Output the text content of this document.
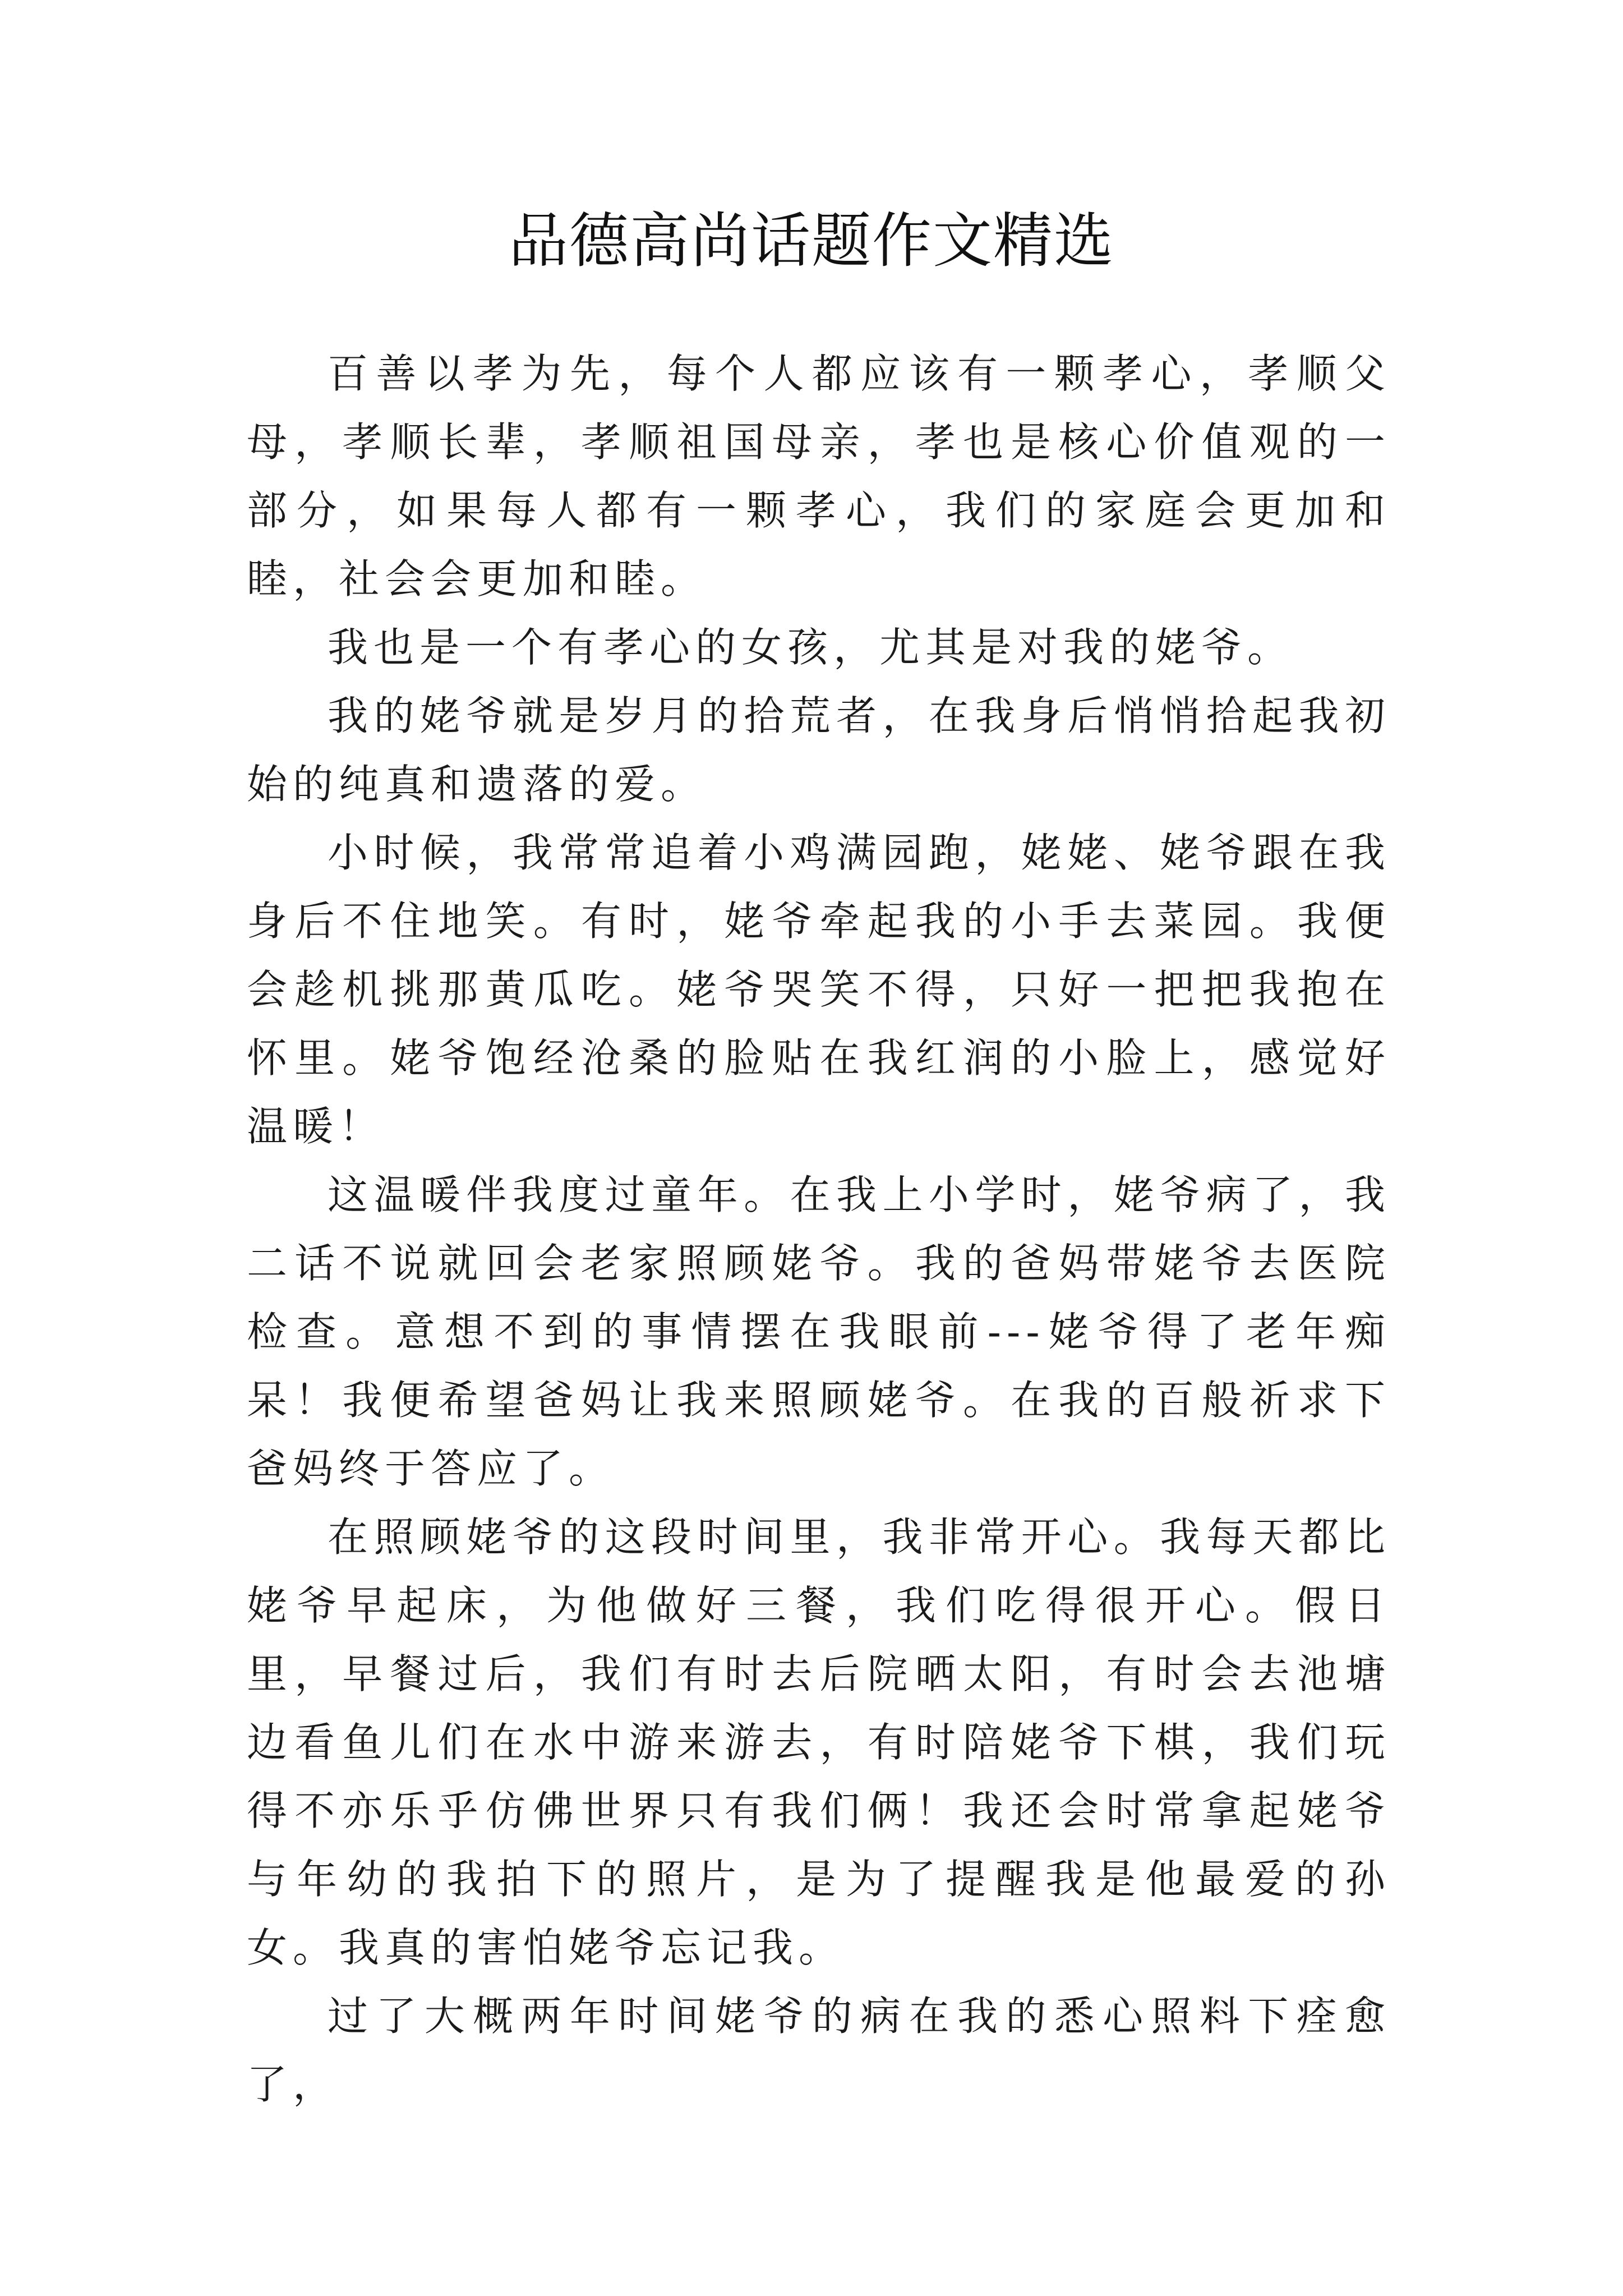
品德高尚话题作文精选

百善以孝为先，每个人都应该有一颗孝心，孝顺父母，孝顺长辈，孝顺祖国母亲，孝也是核心价值观的一部分，如果每人都有一颗孝心，我们的家庭会更加和睦，社会会更加和睦。

我也是一个有孝心的女孩，尤其是对我的姥爷。

我的姥爷就是岁月的拾荒者，在我身后悄悄拾起我初始的纯真和遗落的爱。

小时候，我常常追着小鸡满园跑，姥姥、姥爷跟在我身后不住地笑。有时，姥爷牵起我的小手去菜园。我便会趁机挑那黄瓜吃。姥爷哭笑不得，只好一把把我抱在怀里。姥爷饱经沧桑的脸贴在我红润的小脸上，感觉好温暖！

这温暖伴我度过童年。在我上小学时，姥爷病了，我二话不说就回会老家照顾姥爷。我的爸妈带姥爷去医院检查。意想不到的事情摆在我眼前---姥爷得了老年痴呆！我便希望爸妈让我来照顾姥爷。在我的百般祈求下爸妈终于答应了。

在照顾姥爷的这段时间里，我非常开心。我每天都比姥爷早起床，为他做好三餐，我们吃得很开心。假日里，早餐过后，我们有时去后院晒太阳，有时会去池塘边看鱼儿们在水中游来游去，有时陪姥爷下棋，我们玩得不亦乐乎仿佛世界只有我们俩！我还会时常拿起姥爷与年幼的我拍下的照片，是为了提醒我是他最爱的孙女。我真的害怕姥爷忘记我。

过了大概两年时间姥爷的病在我的悉心照料下痊愈了，
